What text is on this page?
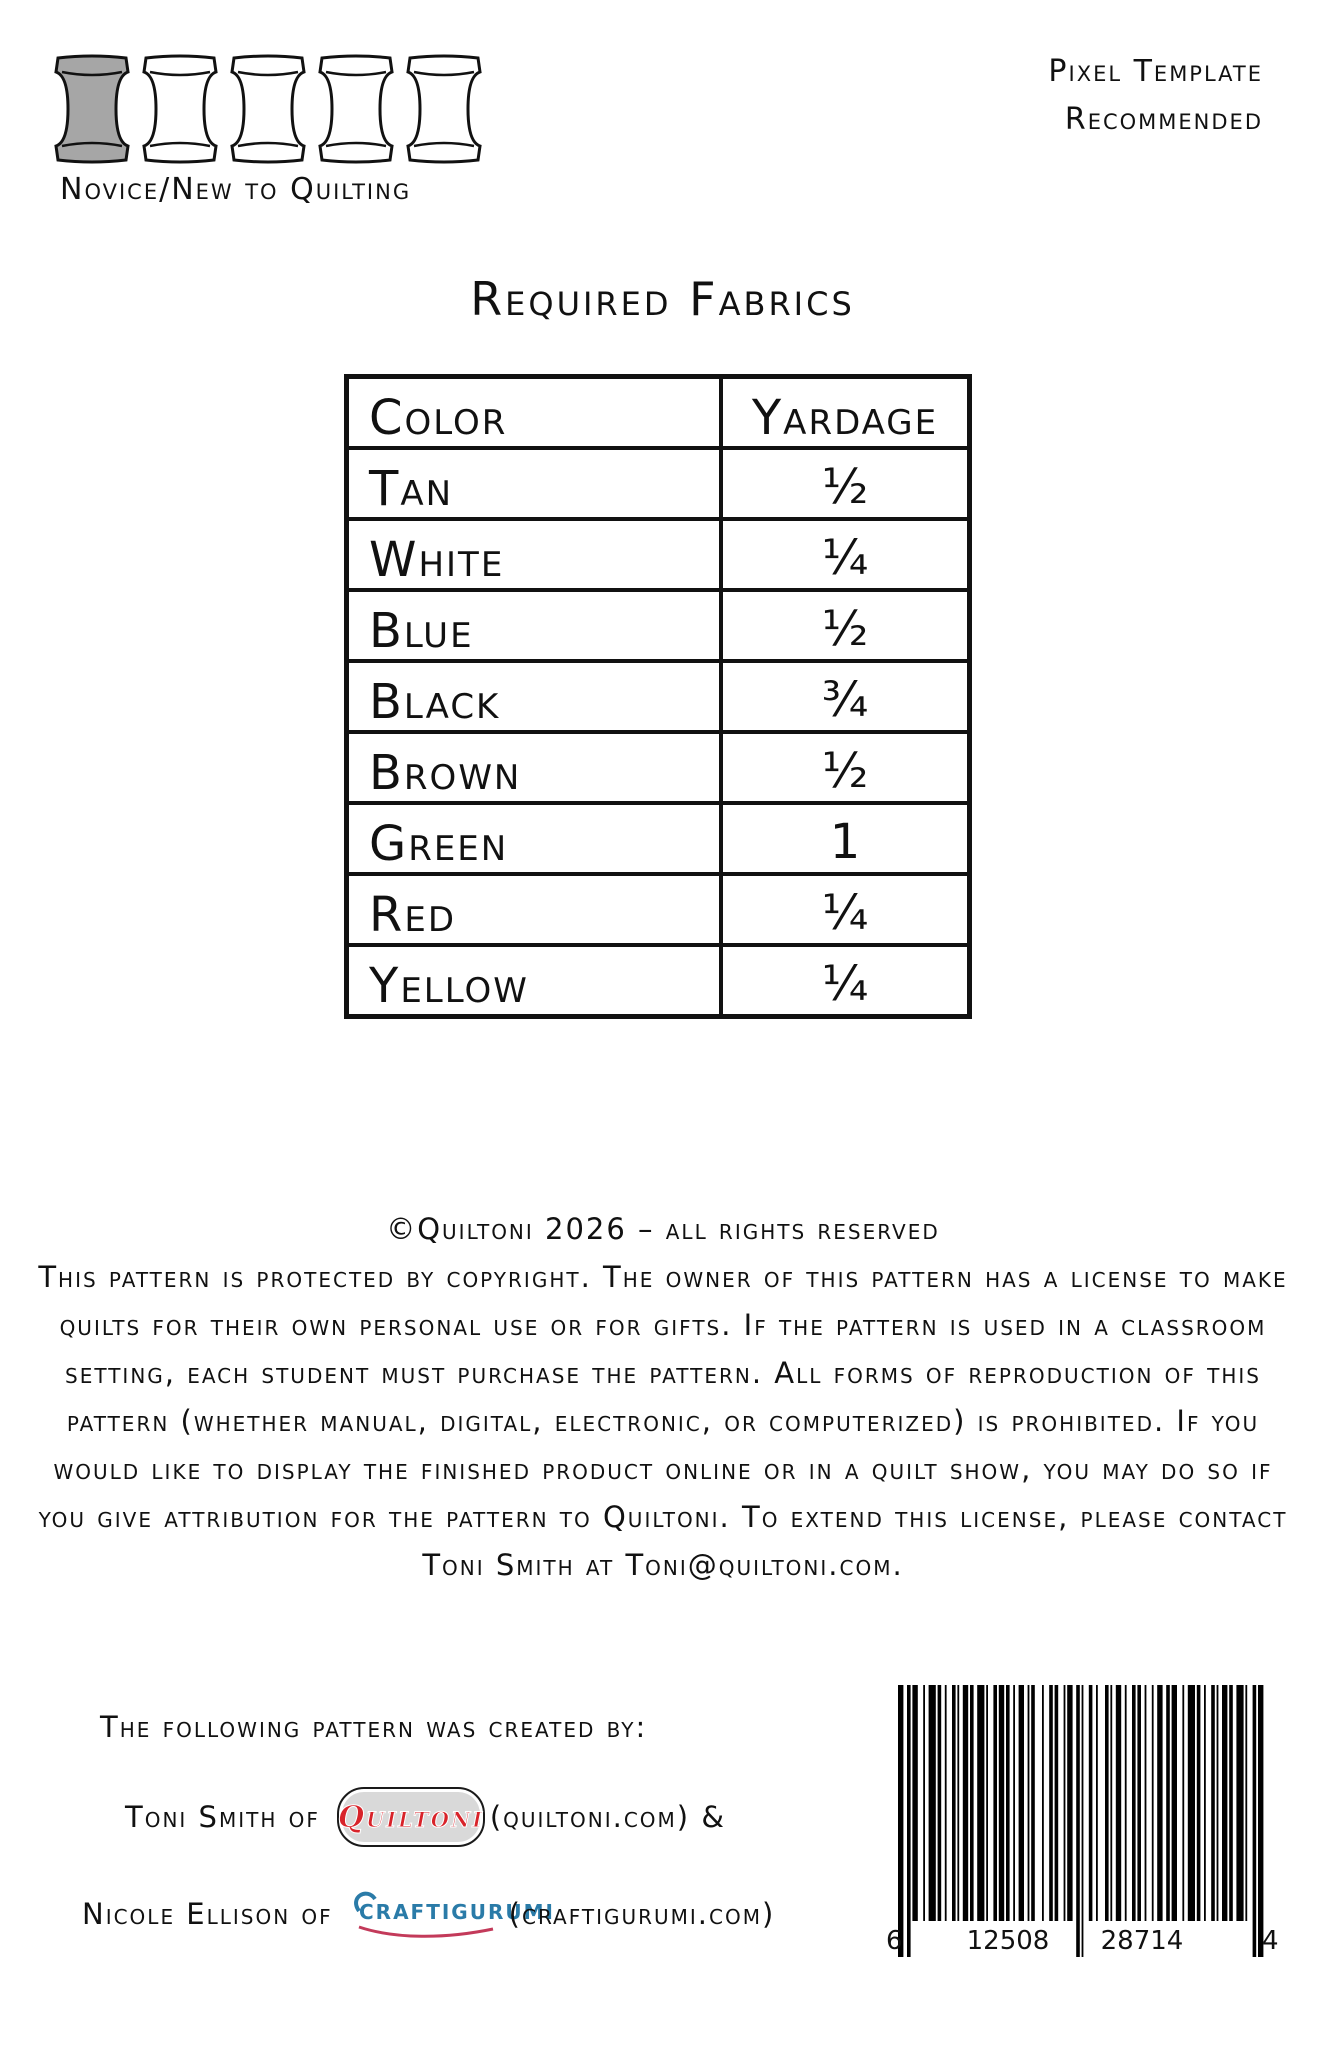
Novice/New to Quilting
Pixel Template
Recommended
Required Fabrics
Color	Yardage
Tan	½
White	¼
Blue	½
Black	¾
Brown	½
Green	1
Red	¼
Yellow	¼
©Quiltoni 2026 – all rights reserved
This pattern is protected by copyright. The owner of this pattern has a license to make quilts for their own personal use or for gifts. If the pattern is used in a classroom setting, each student must purchase the pattern. All forms of reproduction of this pattern (whether manual, digital, electronic, or computerized) is prohibited. If you would like to display the finished product online or in a quilt show, you may do so if you give attribution for the pattern to Quiltoni. To extend this license, please contact Toni Smith at Toni@quiltoni.com.
The following pattern was created by:
Toni Smith of Quiltoni (quiltoni.com) &
Nicole Ellison of CRAFTIGURUMI
(craftigurumi.com)
6 12508 28714	4
